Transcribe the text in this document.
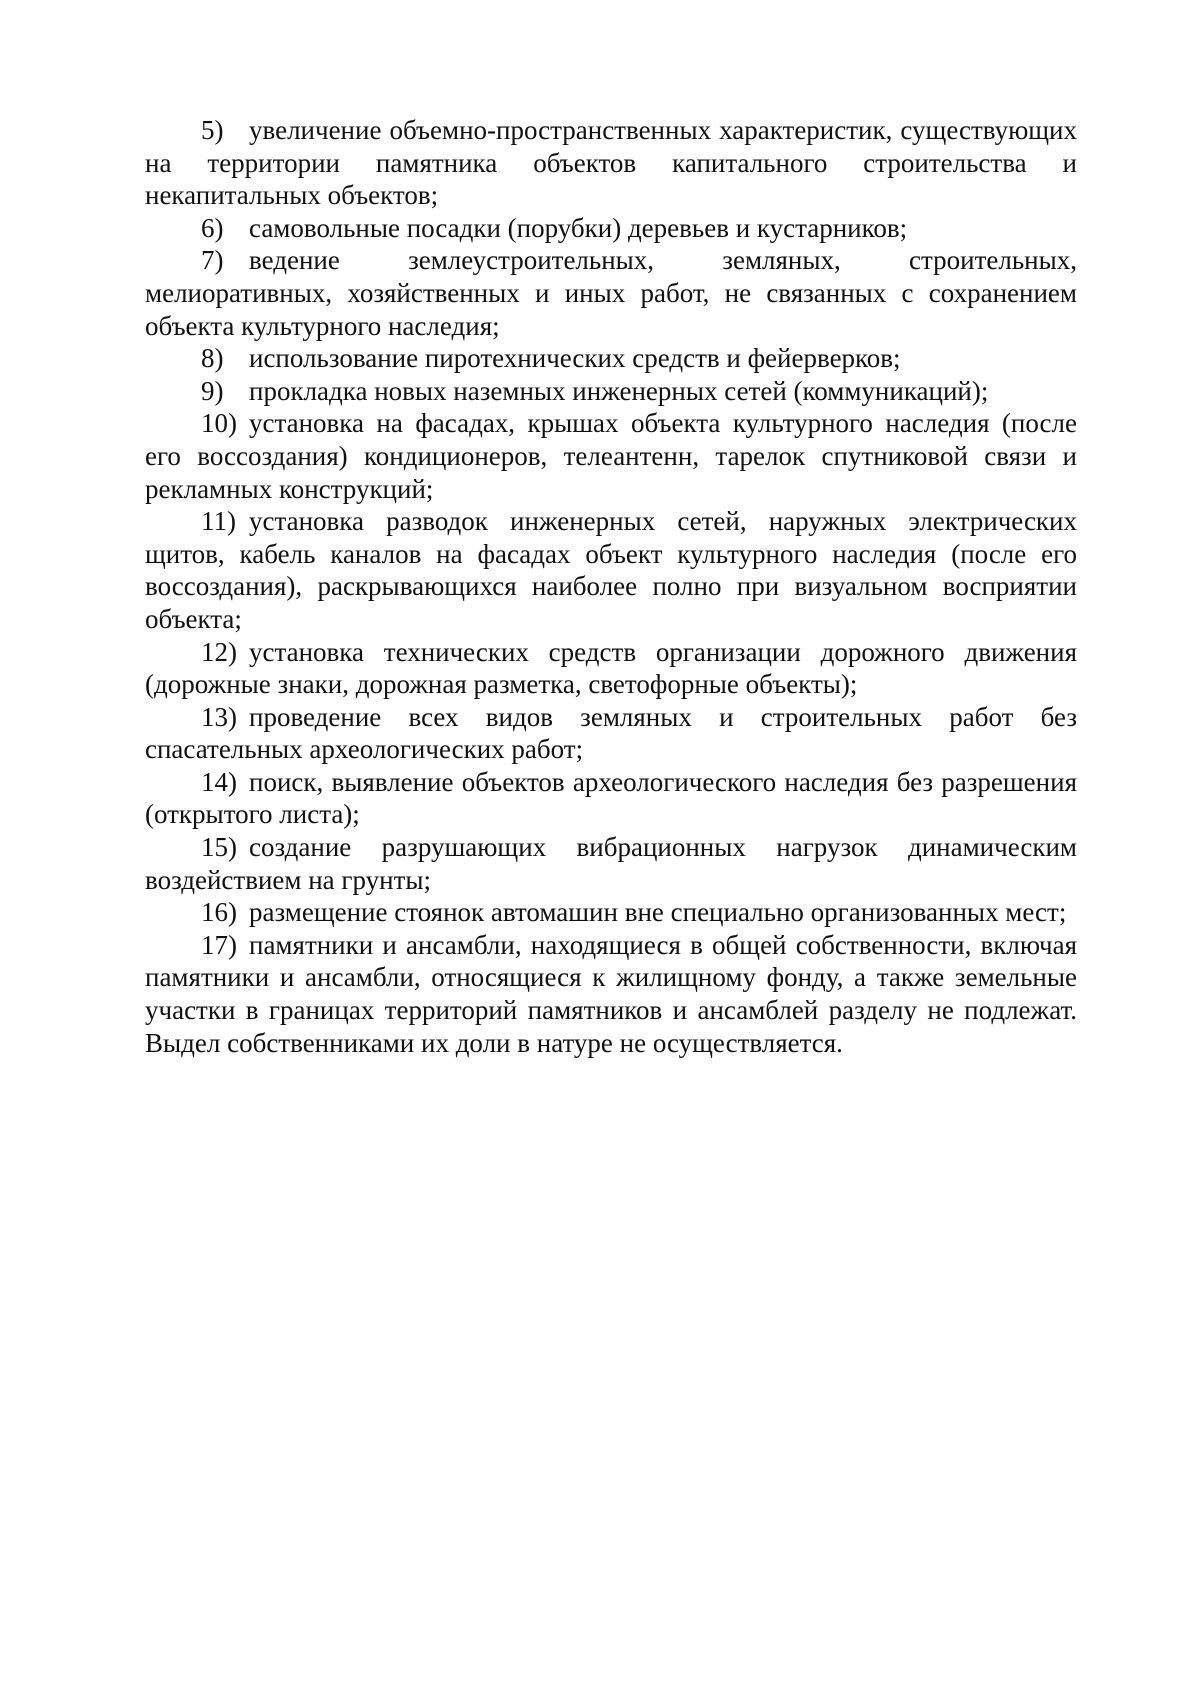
5) увеличение объемно-пространственных характеристик, существующих на территории памятника объектов капитального строительства и некапитальных объектов;

6) самовольные посадки (порубки) деревьев и кустарников;

7) ведение землеустроительных, земляных, строительных, мелиоративных, хозяйственных и иных работ, не связанных с сохранением объекта культурного наследия;

8) использование пиротехнических средств и фейерверков;

9) прокладка новых наземных инженерных сетей (коммуникаций);

10) установка на фасадах, крышах объекта культурного наследия (после его воссоздания) кондиционеров, телеантенн, тарелок спутниковой связи и рекламных конструкций;

11) установка разводок инженерных сетей, наружных электрических щитов, кабель каналов на фасадах объект культурного наследия (после его воссоздания), раскрывающихся наиболее полно при визуальном восприятии объекта;

12) установка технических средств организации дорожного движения (дорожные знаки, дорожная разметка, светофорные объекты);

13) проведение всех видов земляных и строительных работ без спасательных археологических работ;

14) поиск, выявление объектов археологического наследия без разрешения (открытого листа);

15) создание разрушающих вибрационных нагрузок динамическим воздействием на грунты;

16) размещение стоянок автомашин вне специально организованных мест;

17) памятники и ансамбли, находящиеся в общей собственности, включая памятники и ансамбли, относящиеся к жилищному фонду, а также земельные участки в границах территорий памятников и ансамблей разделу не подлежат. Выдел собственниками их доли в натуре не осуществляется.
